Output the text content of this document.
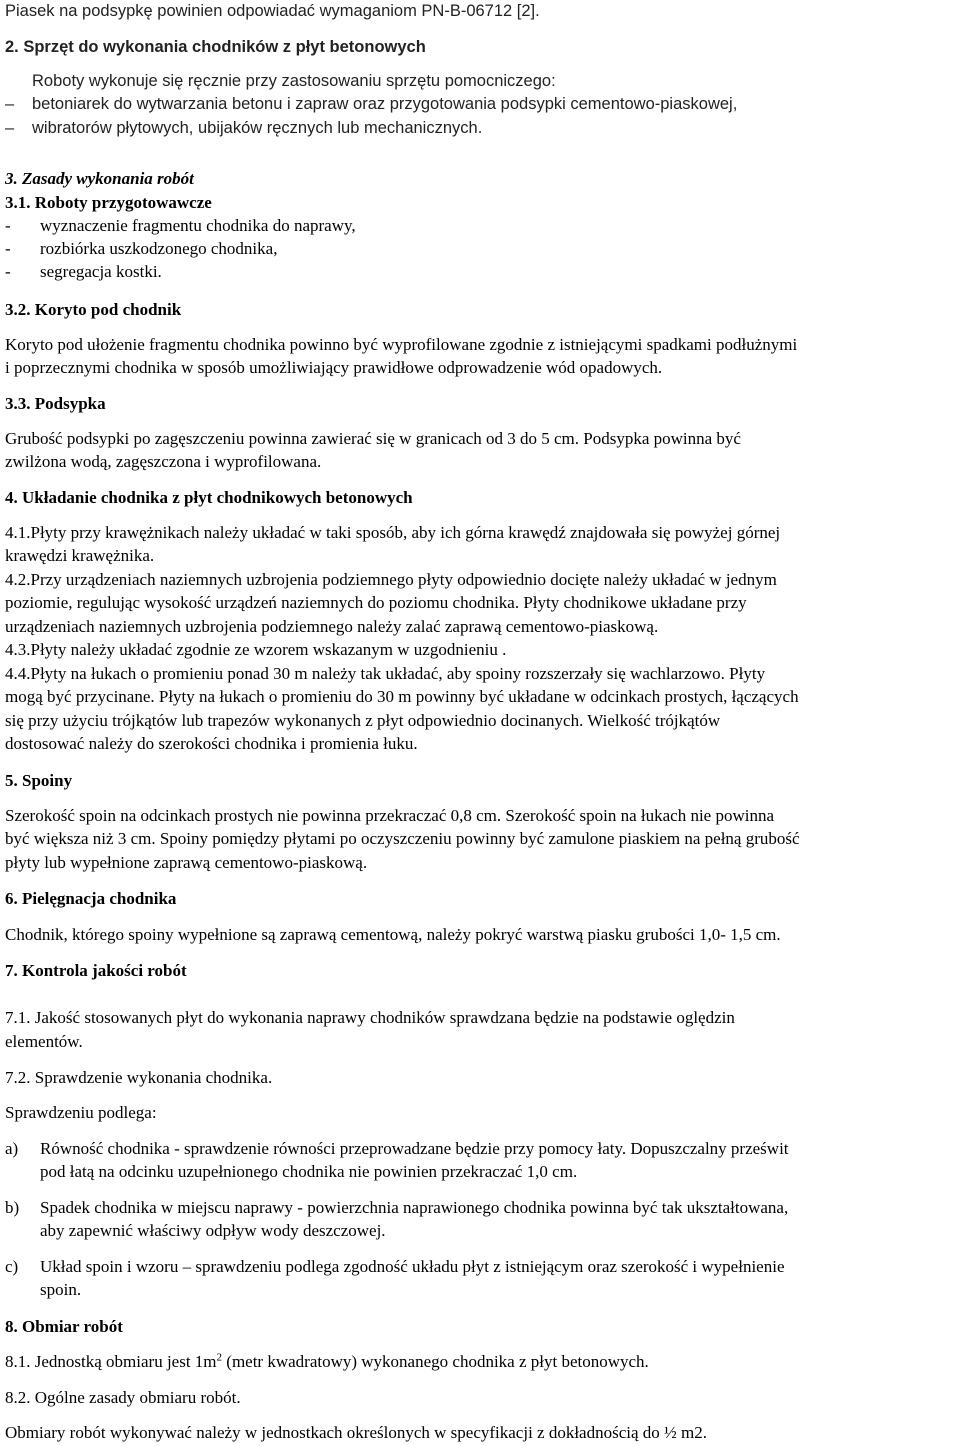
Piasek na podsypkę powinien odpowiadać wymaganiom PN-B-06712 [2].
2. Sprzęt do wykonania chodników z płyt betonowych
Roboty wykonuje się ręcznie przy zastosowaniu sprzętu pomocniczego:
– betoniarek do wytwarzania betonu i zapraw oraz przygotowania podsypki cementowo-piaskowej,
– wibratorów płytowych, ubijaków ręcznych lub mechanicznych.
3. Zasady wykonania robót
3.1. Roboty przygotowawcze
- wyznaczenie fragmentu chodnika do naprawy,
- rozbiórka uszkodzonego chodnika,
- segregacja kostki.
3.2. Koryto pod chodnik
Koryto pod ułożenie fragmentu chodnika powinno być wyprofilowane zgodnie z istniejącymi spadkami podłużnymi
i poprzecznymi chodnika w sposób umożliwiający prawidłowe odprowadzenie wód opadowych.
3.3. Podsypka
Grubość podsypki po zagęszczeniu powinna zawierać się w granicach od 3 do 5 cm. Podsypka powinna być
zwilżona wodą, zagęszczona i wyprofilowana.
4. Układanie chodnika z płyt chodnikowych betonowych
4.1.Płyty przy krawężnikach należy układać w taki sposób, aby ich górna krawędź znajdowała się powyżej górnej
krawędzi krawężnika.
4.2.Przy urządzeniach naziemnych uzbrojenia podziemnego płyty odpowiednio docięte należy układać w jednym
poziomie, regulując wysokość urządzeń naziemnych do poziomu chodnika. Płyty chodnikowe układane przy
urządzeniach naziemnych uzbrojenia podziemnego należy zalać zaprawą cementowo-piaskową.
4.3.Płyty należy układać zgodnie ze wzorem wskazanym w uzgodnieniu .
4.4.Płyty na łukach o promieniu ponad 30 m należy tak układać, aby spoiny rozszerzały się wachlarzowo. Płyty
mogą być przycinane. Płyty na łukach o promieniu do 30 m powinny być układane w odcinkach prostych, łączących
się przy użyciu trójkątów lub trapezów wykonanych z płyt odpowiednio docinanych. Wielkość trójkątów
dostosować należy do szerokości chodnika i promienia łuku.
5. Spoiny
Szerokość spoin na odcinkach prostych nie powinna przekraczać 0,8 cm. Szerokość spoin na łukach nie powinna
być większa niż 3 cm. Spoiny pomiędzy płytami po oczyszczeniu powinny być zamulone piaskiem na pełną grubość
płyty lub wypełnione zaprawą cementowo-piaskową.
6. Pielęgnacja chodnika
Chodnik, którego spoiny wypełnione są zaprawą cementową, należy pokryć warstwą piasku grubości 1,0- 1,5 cm.
7. Kontrola jakości robót
7.1. Jakość stosowanych płyt do wykonania naprawy chodników sprawdzana będzie na podstawie oględzin
elementów.
7.2. Sprawdzenie wykonania chodnika.
Sprawdzeniu podlega:
a) Równość chodnika - sprawdzenie równości przeprowadzane będzie przy pomocy łaty. Dopuszczalny prześwit
pod łatą na odcinku uzupełnionego chodnika nie powinien przekraczać 1,0 cm.
b) Spadek chodnika w miejscu naprawy - powierzchnia naprawionego chodnika powinna być tak ukształtowana,
aby zapewnić właściwy odpływ wody deszczowej.
c) Układ spoin i wzoru – sprawdzeniu podlega zgodność układu płyt z istniejącym oraz szerokość i wypełnienie
spoin.
8. Obmiar robót
8.1. Jednostką obmiaru jest $1m^2$ (metr kwadratowy) wykonanego chodnika z płyt betonowych.
8.2. Ogólne zasady obmiaru robót.
Obmiary robót wykonywać należy w jednostkach określonych w specyfikacji z dokładnością do ½ m2.
